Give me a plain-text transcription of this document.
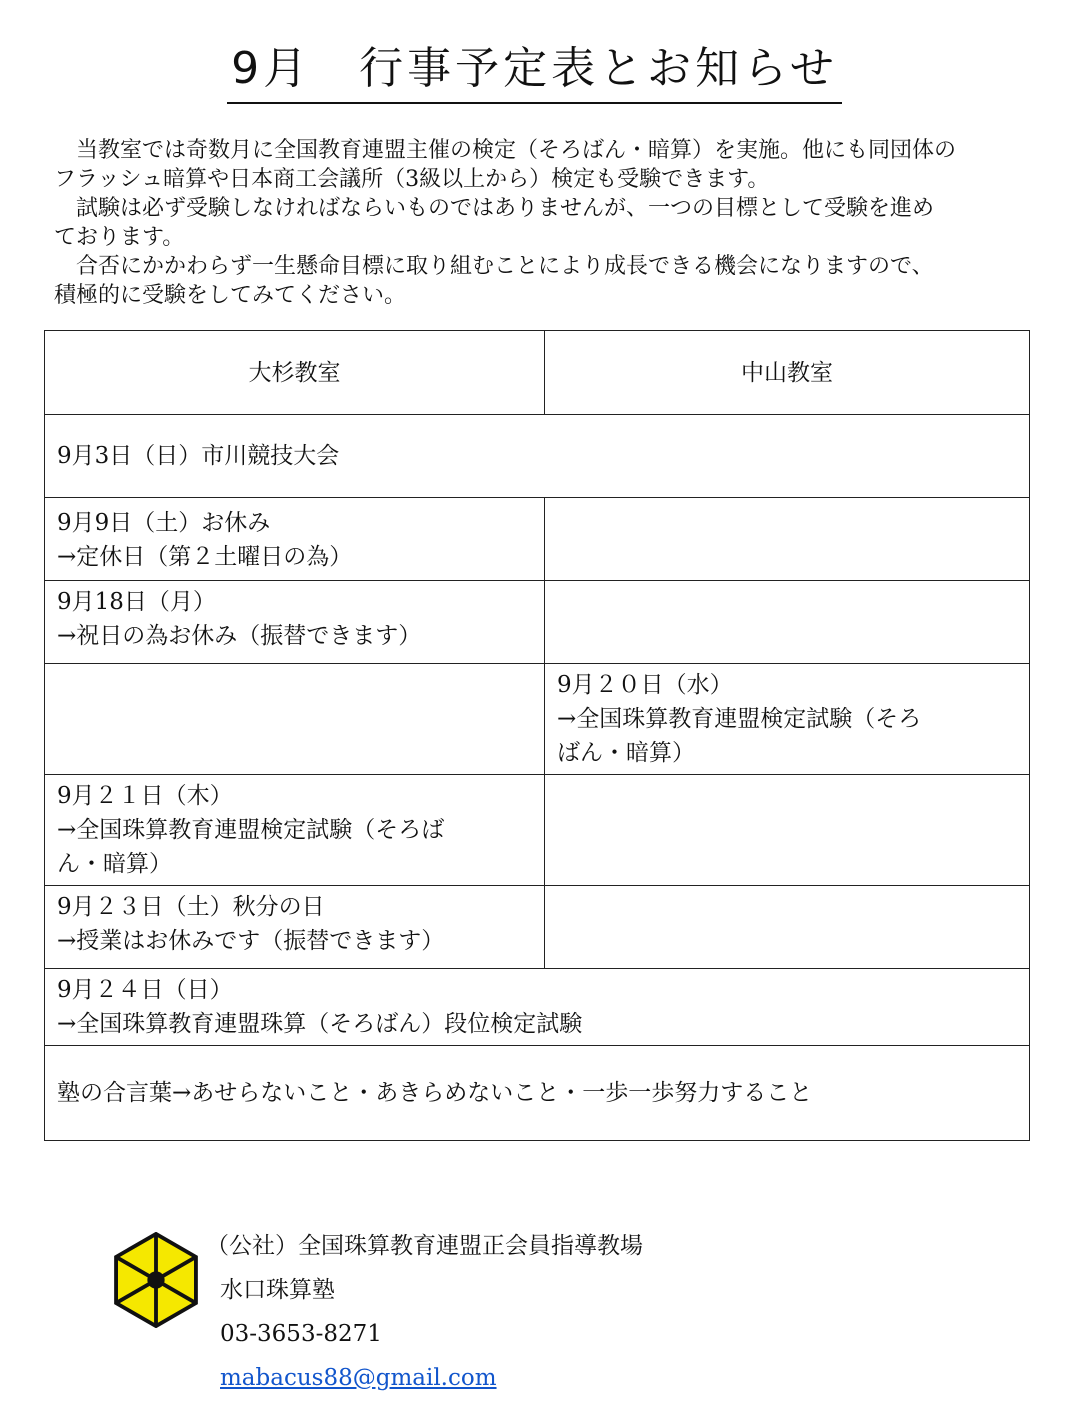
9月　行事予定表とお知らせ

当教室では奇数月に全国教育連盟主催の検定（そろばん・暗算）を実施。他にも同団体の

フラッシュ暗算や日本商工会議所（3級以上から）検定も受験できます。

試験は必ず受験しなければならいものではありませんが、一つの目標として受験を進め

ております。

合否にかかわらず一生懸命目標に取り組むことにより成長できる機会になりますので、

積極的に受験をしてみてください。

大杉教室	中山教室

9月3日（日）市川競技大会	

9月9日（土）お休み
→定休日（第２土曜日の為）	

9月18日（月）
→祝日の為お休み（振替できます）	

	9月２０日（水）
→全国珠算教育連盟検定試験（そろ
ばん・暗算）

9月２１日（木）
→全国珠算教育連盟検定試験（そろば
ん・暗算）	

9月２３日（土）秋分の日
→授業はお休みです（振替できます）	

9月２４日（日）
→全国珠算教育連盟珠算（そろばん）段位検定試験	

塾の合言葉→あせらないこと・あきらめないこと・一歩一歩努力すること	
（公社）全国珠算教育連盟正会員指導教場
水口珠算塾
03-3653-8271
mabacus88@gmail.com
